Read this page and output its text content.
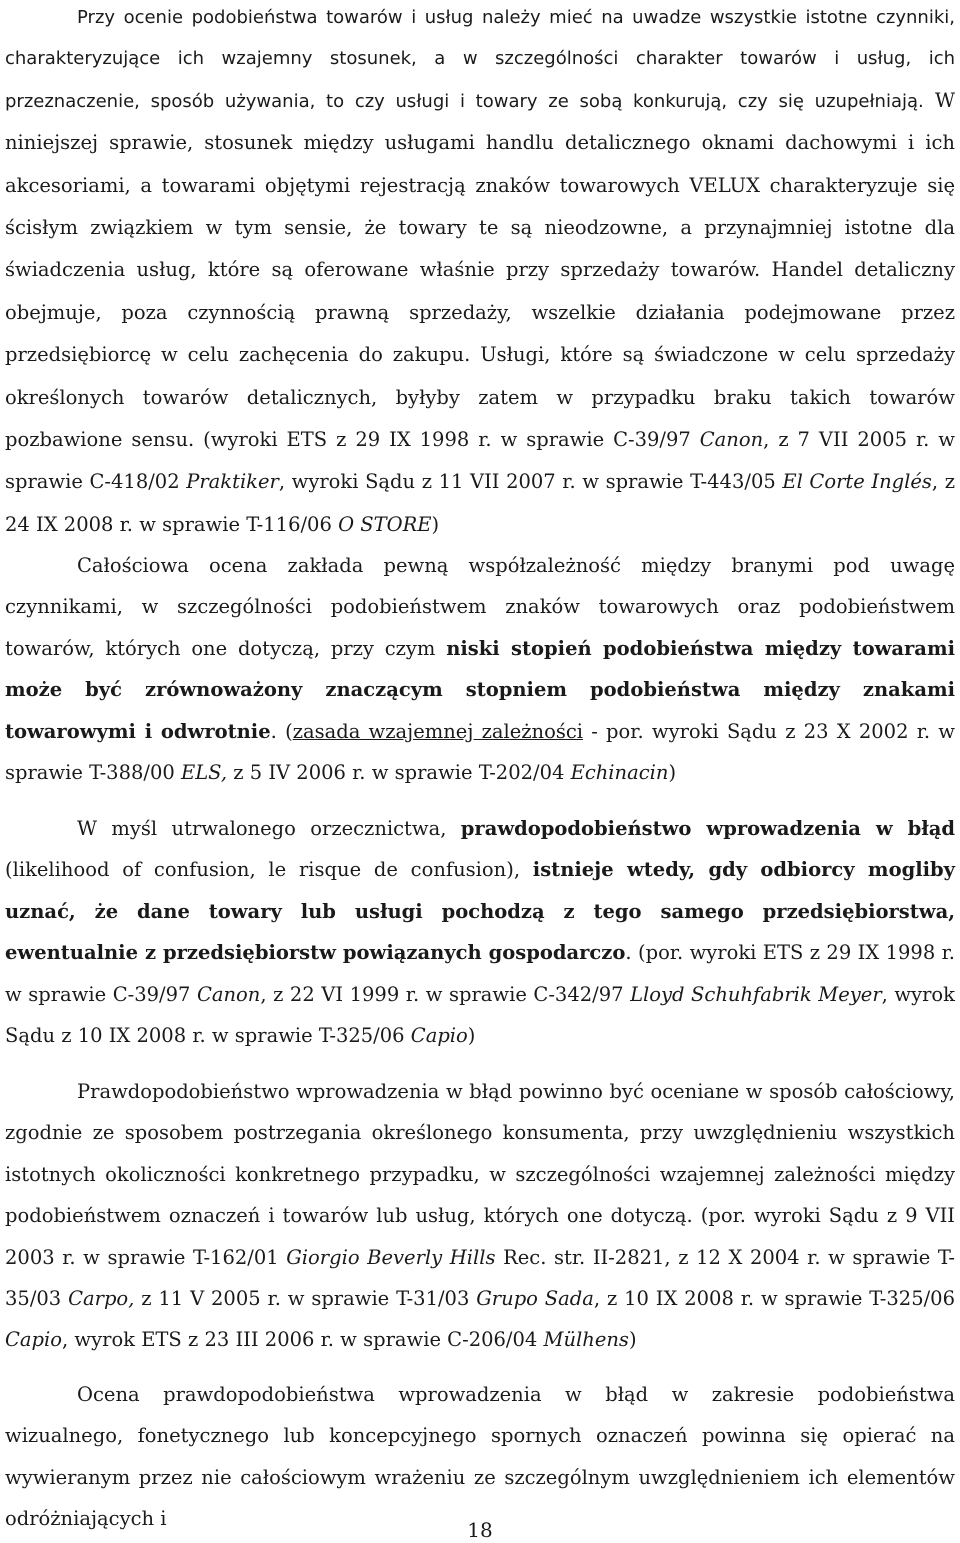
Przy ocenie podobieństwa towarów i usług należy mieć na uwadze wszystkie istotne czynniki, charakteryzujące ich wzajemny stosunek, a w szczególności charakter towarów i usług, ich przeznaczenie, sposób używania, to czy usługi i towary ze sobą konkurują, czy się uzupełniają. W niniejszej sprawie, stosunek między usługami handlu detalicznego oknami dachowymi i ich akcesoriami, a towarami objętymi rejestracją znaków towarowych VELUX charakteryzuje się ścisłym związkiem w tym sensie, że towary te są nieodzowne, a przynajmniej istotne dla świadczenia usług, które są oferowane właśnie przy sprzedaży towarów. Handel detaliczny obejmuje, poza czynnością prawną sprzedaży, wszelkie działania podejmowane przez przedsiębiorcę w celu zachęcenia do zakupu. Usługi, które są świadczone w celu sprzedaży określonych towarów detalicznych, byłyby zatem w przypadku braku takich towarów pozbawione sensu. (wyroki ETS z 29 IX 1998 r. w sprawie C-39/97 Canon, z 7 VII 2005 r. w sprawie C-418/02 Praktiker, wyroki Sądu z 11 VII 2007 r. w sprawie T-443/05 El Corte Inglés, z 24 IX 2008 r. w sprawie T-116/06 O STORE)

Całościowa ocena zakłada pewną współzależność między branymi pod uwagę czynnikami, w szczególności podobieństwem znaków towarowych oraz podobieństwem towarów, których one dotyczą, przy czym niski stopień podobieństwa między towarami może być zrównoważony znaczącym stopniem podobieństwa między znakami towarowymi i odwrotnie. (zasada wzajemnej zależności - por. wyroki Sądu z 23 X 2002 r. w sprawie T-388/00 ELS, z 5 IV 2006 r. w sprawie T-202/04 Echinacin)

W myśl utrwalonego orzecznictwa, prawdopodobieństwo wprowadzenia w błąd (likelihood of confusion, le risque de confusion), istnieje wtedy, gdy odbiorcy mogliby uznać, że dane towary lub usługi pochodzą z tego samego przedsiębiorstwa, ewentualnie z przedsiębiorstw powiązanych gospodarczo. (por. wyroki ETS z 29 IX 1998 r. w sprawie C-39/97 Canon, z 22 VI 1999 r. w sprawie C-342/97 Lloyd Schuhfabrik Meyer, wyrok Sądu z 10 IX 2008 r. w sprawie T-325/06 Capio)

Prawdopodobieństwo wprowadzenia w błąd powinno być oceniane w sposób całościowy, zgodnie ze sposobem postrzegania określonego konsumenta, przy uwzględnieniu wszystkich istotnych okoliczności konkretnego przypadku, w szczególności wzajemnej zależności między podobieństwem oznaczeń i towarów lub usług, których one dotyczą. (por. wyroki Sądu z 9 VII 2003 r. w sprawie T-162/01 Giorgio Beverly Hills Rec. str. II-2821, z 12 X 2004 r. w sprawie T-35/03 Carpo, z 11 V 2005 r. w sprawie T-31/03 Grupo Sada, z 10 IX 2008 r. w sprawie T-325/06 Capio, wyrok ETS z 23 III 2006 r. w sprawie C-206/04 Mülhens)

Ocena prawdopodobieństwa wprowadzenia w błąd w zakresie podobieństwa wizualnego, fonetycznego lub koncepcyjnego spornych oznaczeń powinna się opierać na wywieranym przez nie całościowym wrażeniu ze szczególnym uwzględnieniem ich elementów odróżniających i	18
